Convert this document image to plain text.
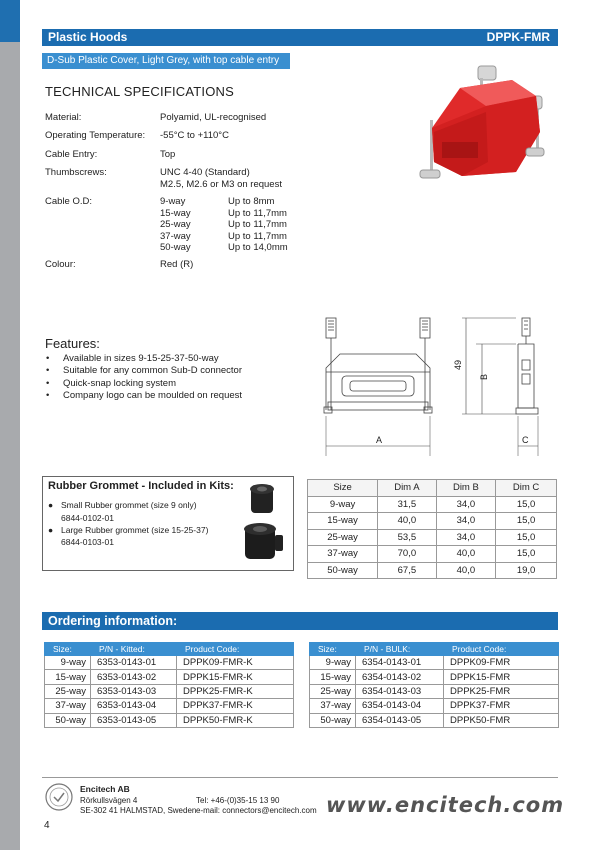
Plastic Hoods	DPPK-FMR
D-Sub Plastic Cover, Light Grey, with top cable entry
TECHNICAL SPECIFICATIONS
Material:	Polyamid, UL-recognised
Operating Temperature: -55°C to +110°C
Cable Entry:	Top
Thumbscrews:	UNC 4-40 (Standard)
M2.5, M2.6 or M3 on request
Cable O.D:	9-way	Up to 8mm
15-way	Up to 11,7mm
25-way	Up to 11,7mm
37-way	Up to 11,7mm
50-way	Up to 14,0mm
Colour:	Red (R)
Features:
• Available in sizes 9-15-25-37-50-way
• Suitable for any common Sub-D connector
• Quick-snap locking system
• Company logo can be moulded on request
49
B
A	C
Rubber Grommet - Included in Kits:
● Small Rubber grommet (size 9 only)
6844-0102-01
● Large Rubber grommet (size 15-25-37)
6844-0103-01
Size	Dim A	Dim B	Dim C
9-way	31,5	34,0	15,0
15-way	40,0	34,0	15,0
25-way	53,5	34,0	15,0
37-way	70,0	40,0	15,0
50-way	67,5	40,0	19,0
Ordering information:
Size:	P/N - Kitted:	Product Code:
9-way	6353-0143-01	DPPK09-FMR-K
15-way	6353-0143-02	DPPK15-FMR-K
25-way	6353-0143-03	DPPK25-FMR-K
37-way	6353-0143-04	DPPK37-FMR-K
50-way	6353-0143-05	DPPK50-FMR-K
Size:	P/N - BULK:	Product Code:
9-way	6354-0143-01	DPPK09-FMR
15-way	6354-0143-02	DPPK15-FMR
25-way	6354-0143-03	DPPK25-FMR
37-way	6354-0143-04	DPPK37-FMR
50-way	6354-0143-05	DPPK50-FMR
Encitech AB
Rörkullsvägen 4
SE-302 41 HALMSTAD, Sweden
Tel: +46-(0)35-15 13 90
e-mail: connectors@encitech.com www.encitech.com
4
